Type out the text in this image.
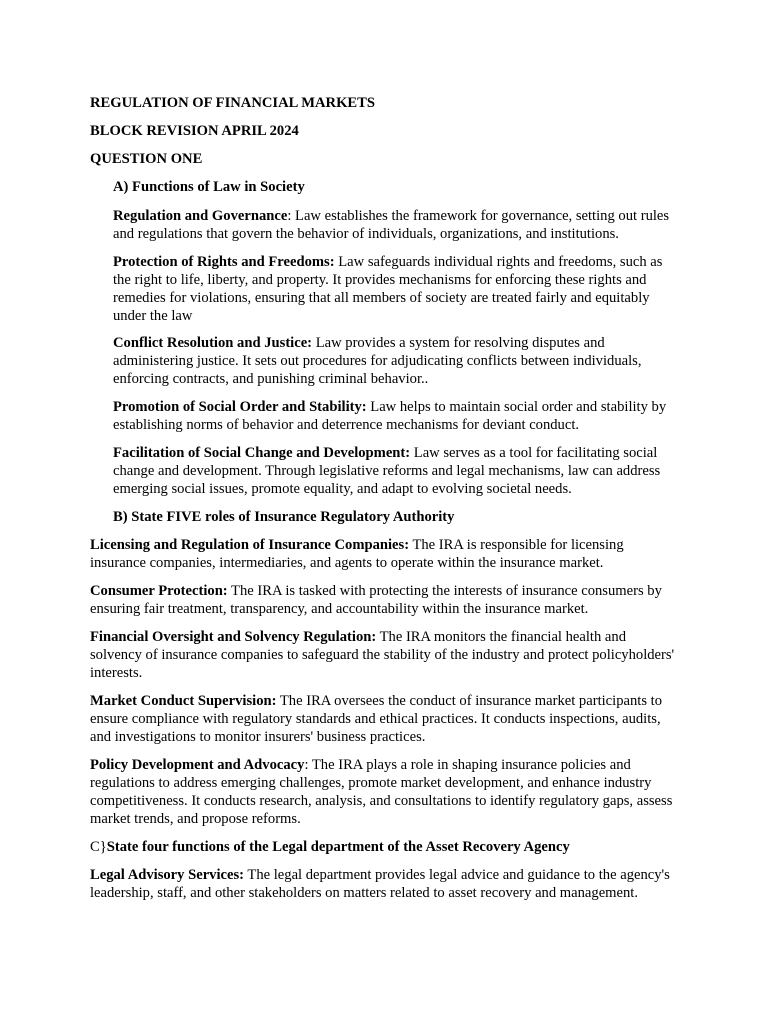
REGULATION OF FINANCIAL MARKETS

BLOCK REVISION APRIL 2024

QUESTION ONE

A) Functions of Law in Society

Regulation and Governance: Law establishes the framework for governance, setting out rules and regulations that govern the behavior of individuals, organizations, and institutions.

Protection of Rights and Freedoms: Law safeguards individual rights and freedoms, such as the right to life, liberty, and property. It provides mechanisms for enforcing these rights and remedies for violations, ensuring that all members of society are treated fairly and equitably under the law

Conflict Resolution and Justice: Law provides a system for resolving disputes and administering justice. It sets out procedures for adjudicating conflicts between individuals, enforcing contracts, and punishing criminal behavior..

Promotion of Social Order and Stability: Law helps to maintain social order and stability by establishing norms of behavior and deterrence mechanisms for deviant conduct.

Facilitation of Social Change and Development: Law serves as a tool for facilitating social change and development. Through legislative reforms and legal mechanisms, law can address emerging social issues, promote equality, and adapt to evolving societal needs.

B) State FIVE roles of Insurance Regulatory Authority

Licensing and Regulation of Insurance Companies: The IRA is responsible for licensing insurance companies, intermediaries, and agents to operate within the insurance market.

Consumer Protection: The IRA is tasked with protecting the interests of insurance consumers by ensuring fair treatment, transparency, and accountability within the insurance market.

Financial Oversight and Solvency Regulation: The IRA monitors the financial health and solvency of insurance companies to safeguard the stability of the industry and protect policyholders' interests.

Market Conduct Supervision: The IRA oversees the conduct of insurance market participants to ensure compliance with regulatory standards and ethical practices. It conducts inspections, audits, and investigations to monitor insurers' business practices.

Policy Development and Advocacy: The IRA plays a role in shaping insurance policies and regulations to address emerging challenges, promote market development, and enhance industry competitiveness. It conducts research, analysis, and consultations to identify regulatory gaps, assess market trends, and propose reforms.

C}State four functions of the Legal department of the Asset Recovery Agency

Legal Advisory Services: The legal department provides legal advice and guidance to the agency's leadership, staff, and other stakeholders on matters related to asset recovery and management.
